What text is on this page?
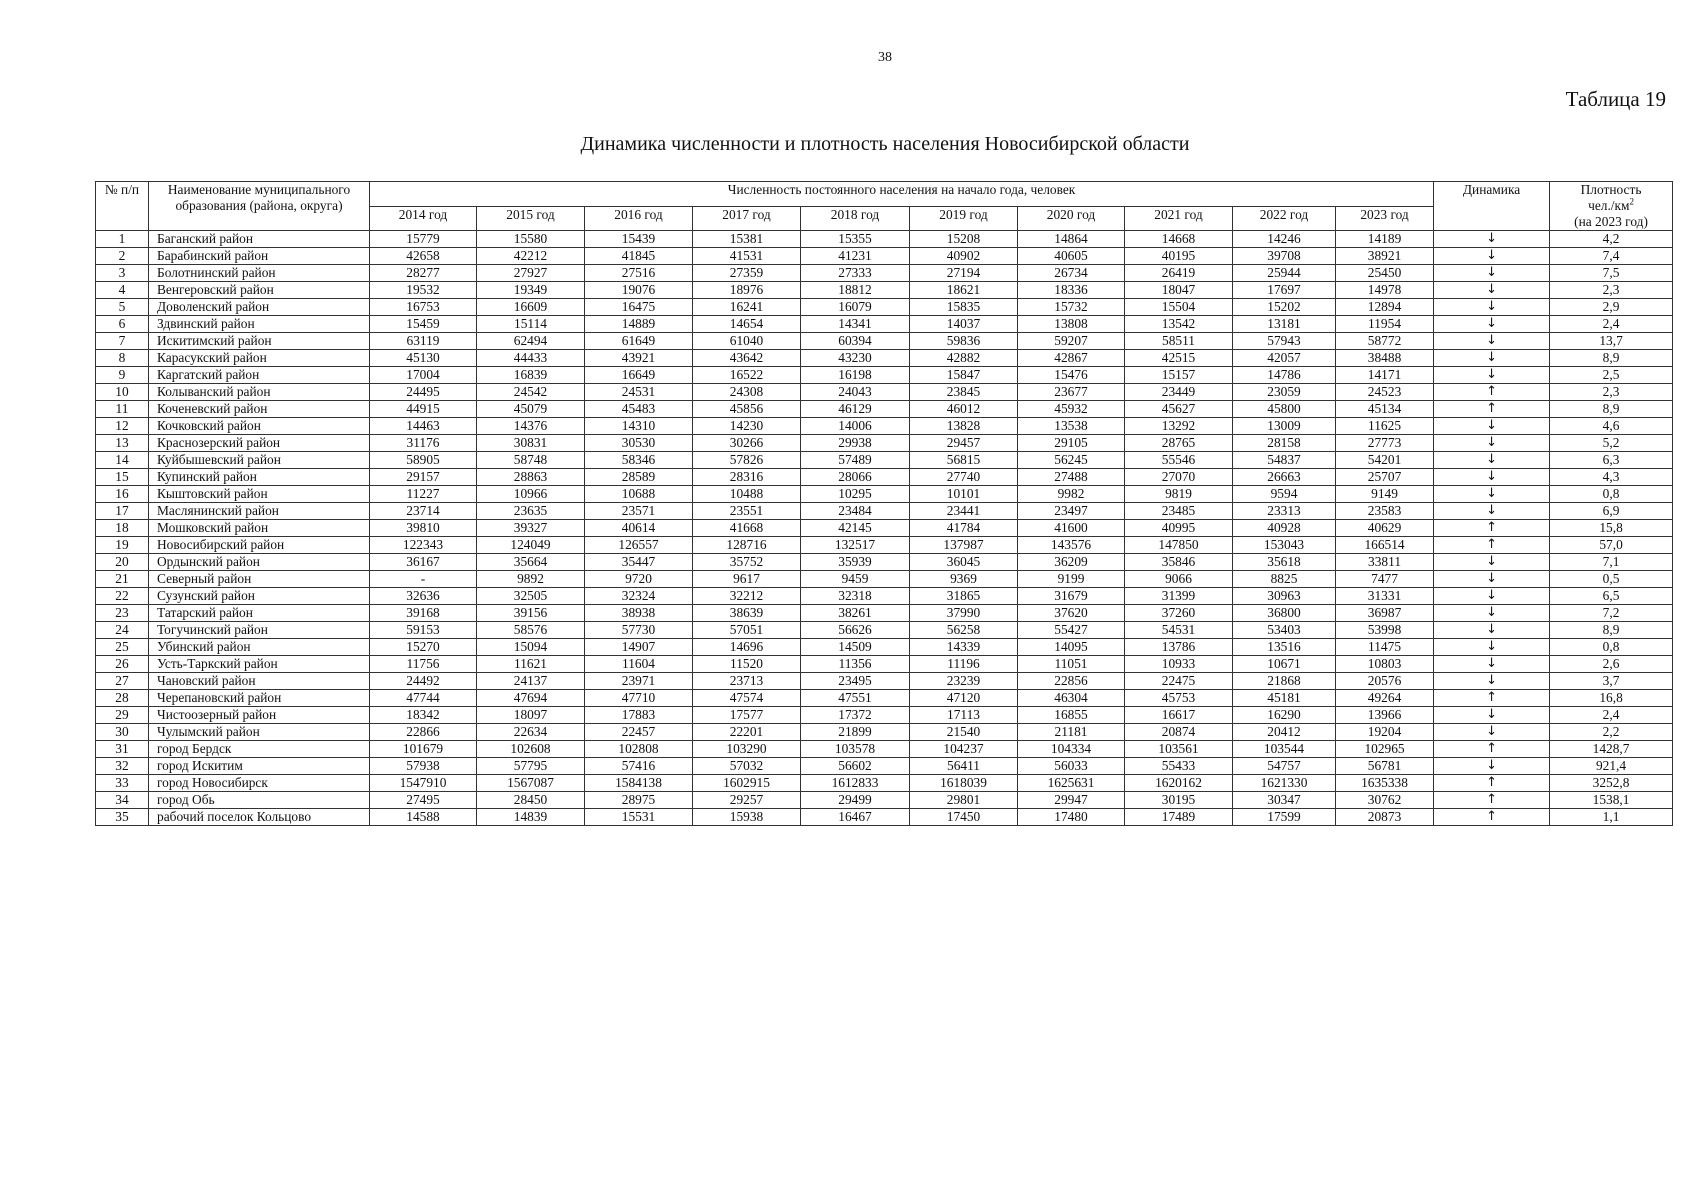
38
Таблица 19
Динамика численности и плотность населения Новосибирской области
№ п/п	Наименование муниципального образования (района, округа)	Численность постоянного населения на начало года, человек										Динамика	Плотность
$чел./км^2$
(на 2023 год)
		2014 год	2015 год	2016 год	2017 год	2018 год	2019 год	2020 год	2021 год	2022 год	2023 год		
1	Баганский район	15779	15580	15439	15381	15355	15208	14864	14668	14246	14189	↓	4,2
2	Барабинский район	42658	42212	41845	41531	41231	40902	40605	40195	39708	38921	↓	7,4
3	Болотнинский район	28277	27927	27516	27359	27333	27194	26734	26419	25944	25450	↓	7,5
4	Венгеровский район	19532	19349	19076	18976	18812	18621	18336	18047	17697	14978	↓	2,3
5	Доволенский район	16753	16609	16475	16241	16079	15835	15732	15504	15202	12894	↓	2,9
6	Здвинский район	15459	15114	14889	14654	14341	14037	13808	13542	13181	11954	↓	2,4
7	Искитимский район	63119	62494	61649	61040	60394	59836	59207	58511	57943	58772	↓	13,7
8	Карасукский район	45130	44433	43921	43642	43230	42882	42867	42515	42057	38488	↓	8,9
9	Каргатский район	17004	16839	16649	16522	16198	15847	15476	15157	14786	14171	↓	2,5
10	Колыванский район	24495	24542	24531	24308	24043	23845	23677	23449	23059	24523	↑	2,3
11	Коченевский район	44915	45079	45483	45856	46129	46012	45932	45627	45800	45134	↑	8,9
12	Кочковский район	14463	14376	14310	14230	14006	13828	13538	13292	13009	11625	↓	4,6
13	Краснозерский район	31176	30831	30530	30266	29938	29457	29105	28765	28158	27773	↓	5,2
14	Куйбышевский район	58905	58748	58346	57826	57489	56815	56245	55546	54837	54201	↓	6,3
15	Купинский район	29157	28863	28589	28316	28066	27740	27488	27070	26663	25707	↓	4,3
16	Кыштовский район	11227	10966	10688	10488	10295	10101	9982	9819	9594	9149	↓	0,8
17	Маслянинский район	23714	23635	23571	23551	23484	23441	23497	23485	23313	23583	↓	6,9
18	Мошковский район	39810	39327	40614	41668	42145	41784	41600	40995	40928	40629	↑	15,8
19	Новосибирский район	122343	124049	126557	128716	132517	137987	143576	147850	153043	166514	↑	57,0
20	Ордынский район	36167	35664	35447	35752	35939	36045	36209	35846	35618	33811	↓	7,1
21	Северный район	-	9892	9720	9617	9459	9369	9199	9066	8825	7477	↓	0,5
22	Сузунский район	32636	32505	32324	32212	32318	31865	31679	31399	30963	31331	↓	6,5
23	Татарский район	39168	39156	38938	38639	38261	37990	37620	37260	36800	36987	↓	7,2
24	Тогучинский район	59153	58576	57730	57051	56626	56258	55427	54531	53403	53998	↓	8,9
25	Убинский район	15270	15094	14907	14696	14509	14339	14095	13786	13516	11475	↓	0,8
26	Усть-Таркский район	11756	11621	11604	11520	11356	11196	11051	10933	10671	10803	↓	2,6
27	Чановский район	24492	24137	23971	23713	23495	23239	22856	22475	21868	20576	↓	3,7
28	Черепановский район	47744	47694	47710	47574	47551	47120	46304	45753	45181	49264	↑	16,8
29	Чистоозерный район	18342	18097	17883	17577	17372	17113	16855	16617	16290	13966	↓	2,4
30	Чулымский район	22866	22634	22457	22201	21899	21540	21181	20874	20412	19204	↓	2,2
31	город Бердск	101679	102608	102808	103290	103578	104237	104334	103561	103544	102965	↑	1428,7
32	город Искитим	57938	57795	57416	57032	56602	56411	56033	55433	54757	56781	↓	921,4
33	город Новосибирск	1547910	1567087	1584138	1602915	1612833	1618039	1625631	1620162	1621330	1635338	↑	3252,8
34	город Обь	27495	28450	28975	29257	29499	29801	29947	30195	30347	30762	↑	1538,1
35	рабочий поселок Кольцово	14588	14839	15531	15938	16467	17450	17480	17489	17599	20873	↑	1,1
